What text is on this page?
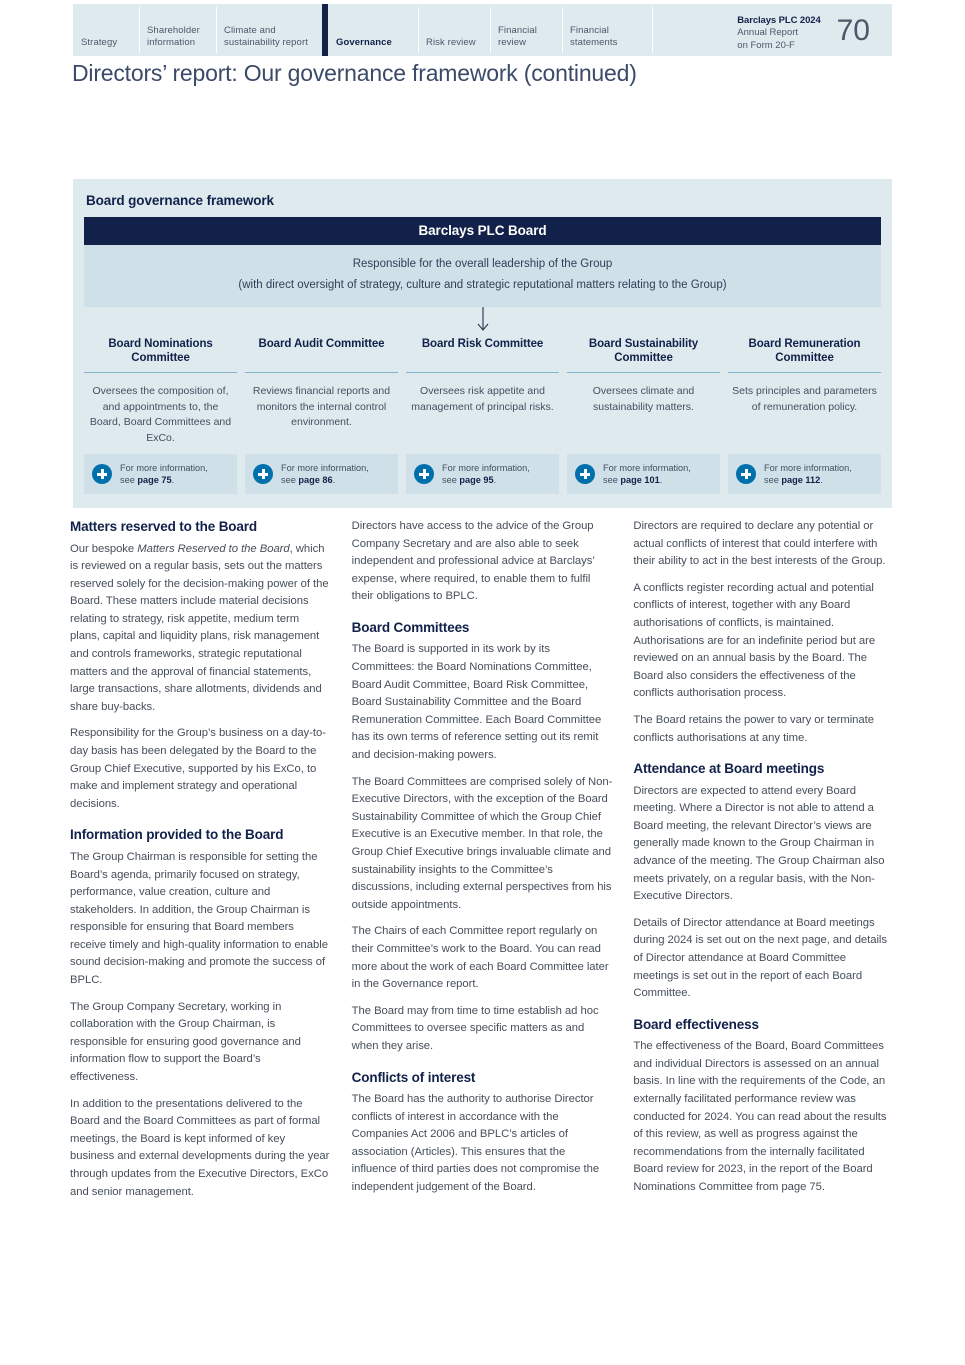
Strategy
Shareholder information
Climate and sustainability report	Governance	Risk review
Financial review
Financial statements
Barclays PLC 2024
Annual Report
on Form 20-F	70
Directors’ report: Our governance framework (continued)
Board governance framework
Barclays PLC Board
Responsible for the overall leadership of the Group
(with direct oversight of strategy, culture and strategic reputational matters relating to the Group)
Board Nominations Committee
Oversees the composition of, and appointments to, the Board, Board Committees and ExCo.
For more information,
see page 75.
Board Audit Committee
Reviews financial reports and monitors the internal control environment.
For more information,
see page 86.
Board Risk Committee
Oversees risk appetite and management of principal risks.
For more information,
see page 95.
Board Sustainability Committee
Oversees climate and sustainability matters.
For more information,
see page 101.
Board Remuneration Committee
Sets principles and parameters of remuneration policy.
For more information,
see page 112.
Matters reserved to the Board

Our bespoke Matters Reserved to the Board, which is reviewed on a regular basis, sets out the matters reserved solely for the decision-making power of the Board. These matters include material decisions relating to strategy, risk appetite, medium term plans, capital and liquidity plans, risk management and controls frameworks, strategic reputational matters and the approval of financial statements, large transactions, share allotments, dividends and share buy-backs.

Responsibility for the Group’s business on a day-to-day basis has been delegated by the Board to the Group Chief Executive, supported by his ExCo, to make and implement strategy and operational decisions.

Information provided to the Board

The Group Chairman is responsible for setting the Board’s agenda, primarily focused on strategy, performance, value creation, culture and stakeholders. In addition, the Group Chairman is responsible for ensuring that Board members receive timely and high-quality information to enable sound decision-making and promote the success of BPLC.

The Group Company Secretary, working in collaboration with the Group Chairman, is responsible for ensuring good governance and information flow to support the Board’s effectiveness.

In addition to the presentations delivered to the Board and the Board Committees as part of formal meetings, the Board is kept informed of key business and external developments during the year through updates from the Executive Directors, ExCo and senior management.

Directors have access to the advice of the Group Company Secretary and are also able to seek independent and professional advice at Barclays’ expense, where required, to enable them to fulfil their obligations to BPLC.

Board Committees

The Board is supported in its work by its Committees: the Board Nominations Committee, Board Audit Committee, Board Risk Committee, Board Sustainability Committee and the Board Remuneration Committee. Each Board Committee has its own terms of reference setting out its remit and decision-making powers.

The Board Committees are comprised solely of Non-Executive Directors, with the exception of the Board Sustainability Committee of which the Group Chief Executive is an Executive member. In that role, the Group Chief Executive brings invaluable climate and sustainability insights to the Committee’s discussions, including external perspectives from his outside appointments.

The Chairs of each Committee report regularly on their Committee’s work to the Board. You can read more about the work of each Board Committee later in the Governance report.

The Board may from time to time establish ad hoc Committees to oversee specific matters as and when they arise.

Conflicts of interest

The Board has the authority to authorise Director conflicts of interest in accordance with the Companies Act 2006 and BPLC’s articles of association (Articles). This ensures that the influence of third parties does not compromise the independent judgement of the Board.

Directors are required to declare any potential or actual conflicts of interest that could interfere with their ability to act in the best interests of the Group.

A conflicts register recording actual and potential conflicts of interest, together with any Board authorisations of conflicts, is maintained. Authorisations are for an indefinite period but are reviewed on an annual basis by the Board. The Board also considers the effectiveness of the conflicts authorisation process.

The Board retains the power to vary or terminate conflicts authorisations at any time.

Attendance at Board meetings

Directors are expected to attend every Board meeting. Where a Director is not able to attend a Board meeting, the relevant Director’s views are generally made known to the Group Chairman in advance of the meeting. The Group Chairman also meets privately, on a regular basis, with the Non-Executive Directors.

Details of Director attendance at Board meetings during 2024 is set out on the next page, and details of Director attendance at Board Committee meetings is set out in the report of each Board Committee.

Board effectiveness

The effectiveness of the Board, Board Committees and individual Directors is assessed on an annual basis. In line with the requirements of the Code, an externally facilitated performance review was conducted for 2024. You can read about the results of this review, as well as progress against the recommendations from the internally facilitated Board review for 2023, in the report of the Board Nominations Committee from page 75.
